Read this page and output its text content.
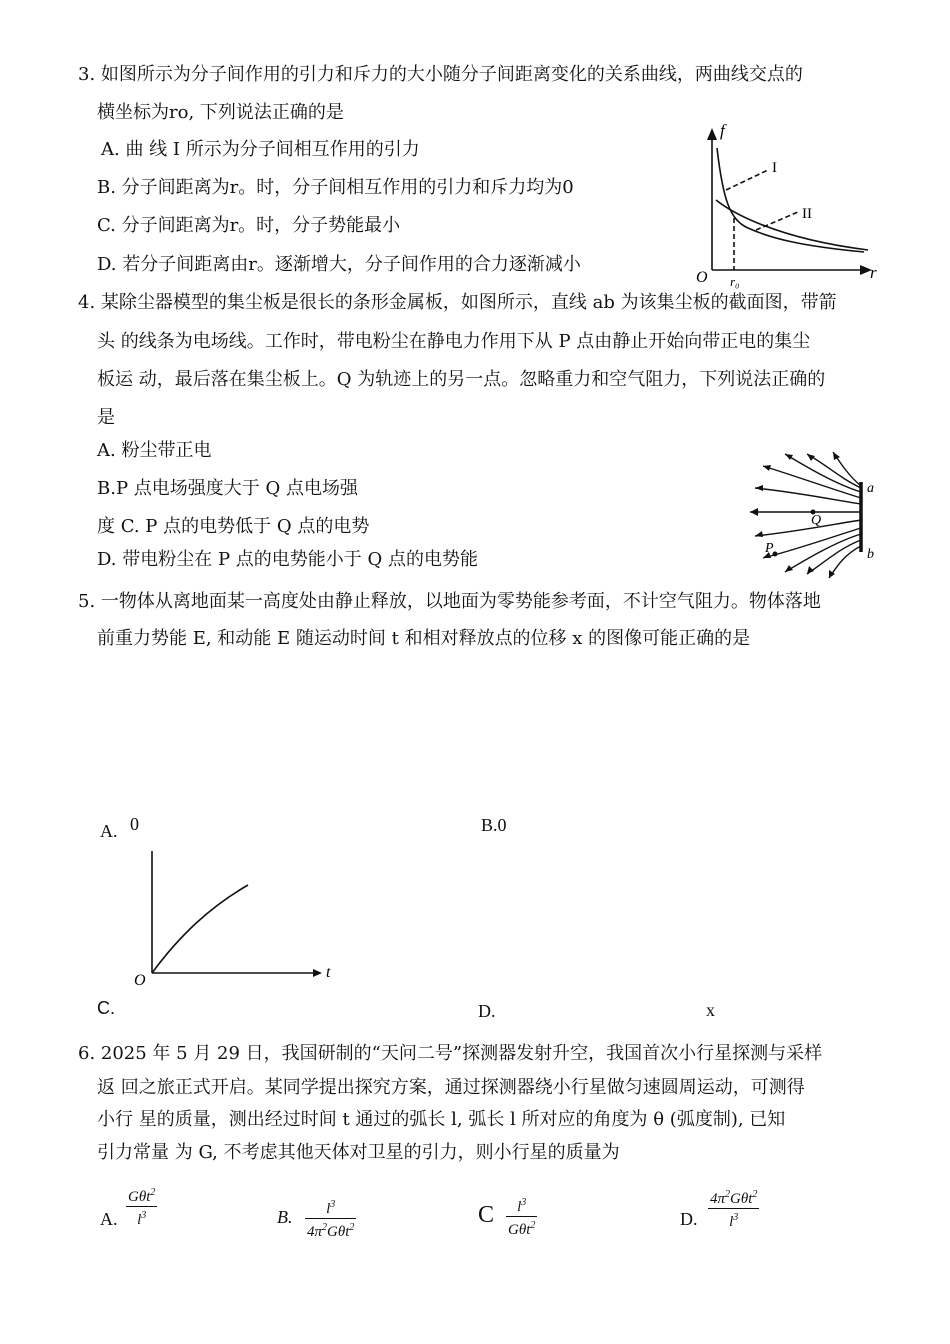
3. 如图所示为分子间作用的引力和斥力的大小随分子间距离变化的关系曲线，两曲线交点的
横坐标为ro, 下列说法正确的是
A. 曲 线 I 所示为分子间相互作用的引力
B. 分子间距离为r。时，分子间相互作用的引力和斥力均为0
C. 分子间距离为r。时，分子势能最小
D. 若分子间距离由r。逐渐增大，分子间作用的合力逐渐减小
f
r
O r₀
I
II
4. 某除尘器模型的集尘板是很长的条形金属板，如图所示，直线 ab 为该集尘板的截面图，带箭
头 的线条为电场线。工作时，带电粉尘在静电力作用下从 P 点由静止开始向带正电的集尘
板运 动，最后落在集尘板上。Q 为轨迹上的另一点。忽略重力和空气阻力，下列说法正确的
是
A. 粉尘带正电
B.P 点电场强度大于 Q 点电场强
度 C. P 点的电势低于 Q 点的电势
D. 带电粉尘在 P 点的电势能小于 Q 点的电势能
a
b
Q
P
5. 一物体从离地面某一高度处由静止释放，以地面为零势能参考面，不计空气阻力。物体落地
前重力势能 E, 和动能 E 随运动时间 t 和相对释放点的位移 x 的图像可能正确的是
A. 0	B.0
O	t
C.	D.	x
6. 2025 年 5 月 29 日，我国研制的“天问二号”探测器发射升空，我国首次小行星探测与采样
返 回之旅正式开启。某同学提出探究方案，通过探测器绕小行星做匀速圆周运动，可测得
小行 星的质量，测出经过时间 t 通过的弧长 l, 弧长 l 所对应的角度为 θ (弧度制), 已知
引力常量 为 G, 不考虑其他天体对卫星的引力，则小行星的质量为
A.
Gθt$^2$
$l^3$	B.	$l^3$
$4\pi^2G\theta t^2$	C	$l^3$
Gθt$^2$	D.
$4\pi^2G\theta t^2$
$l^3$
